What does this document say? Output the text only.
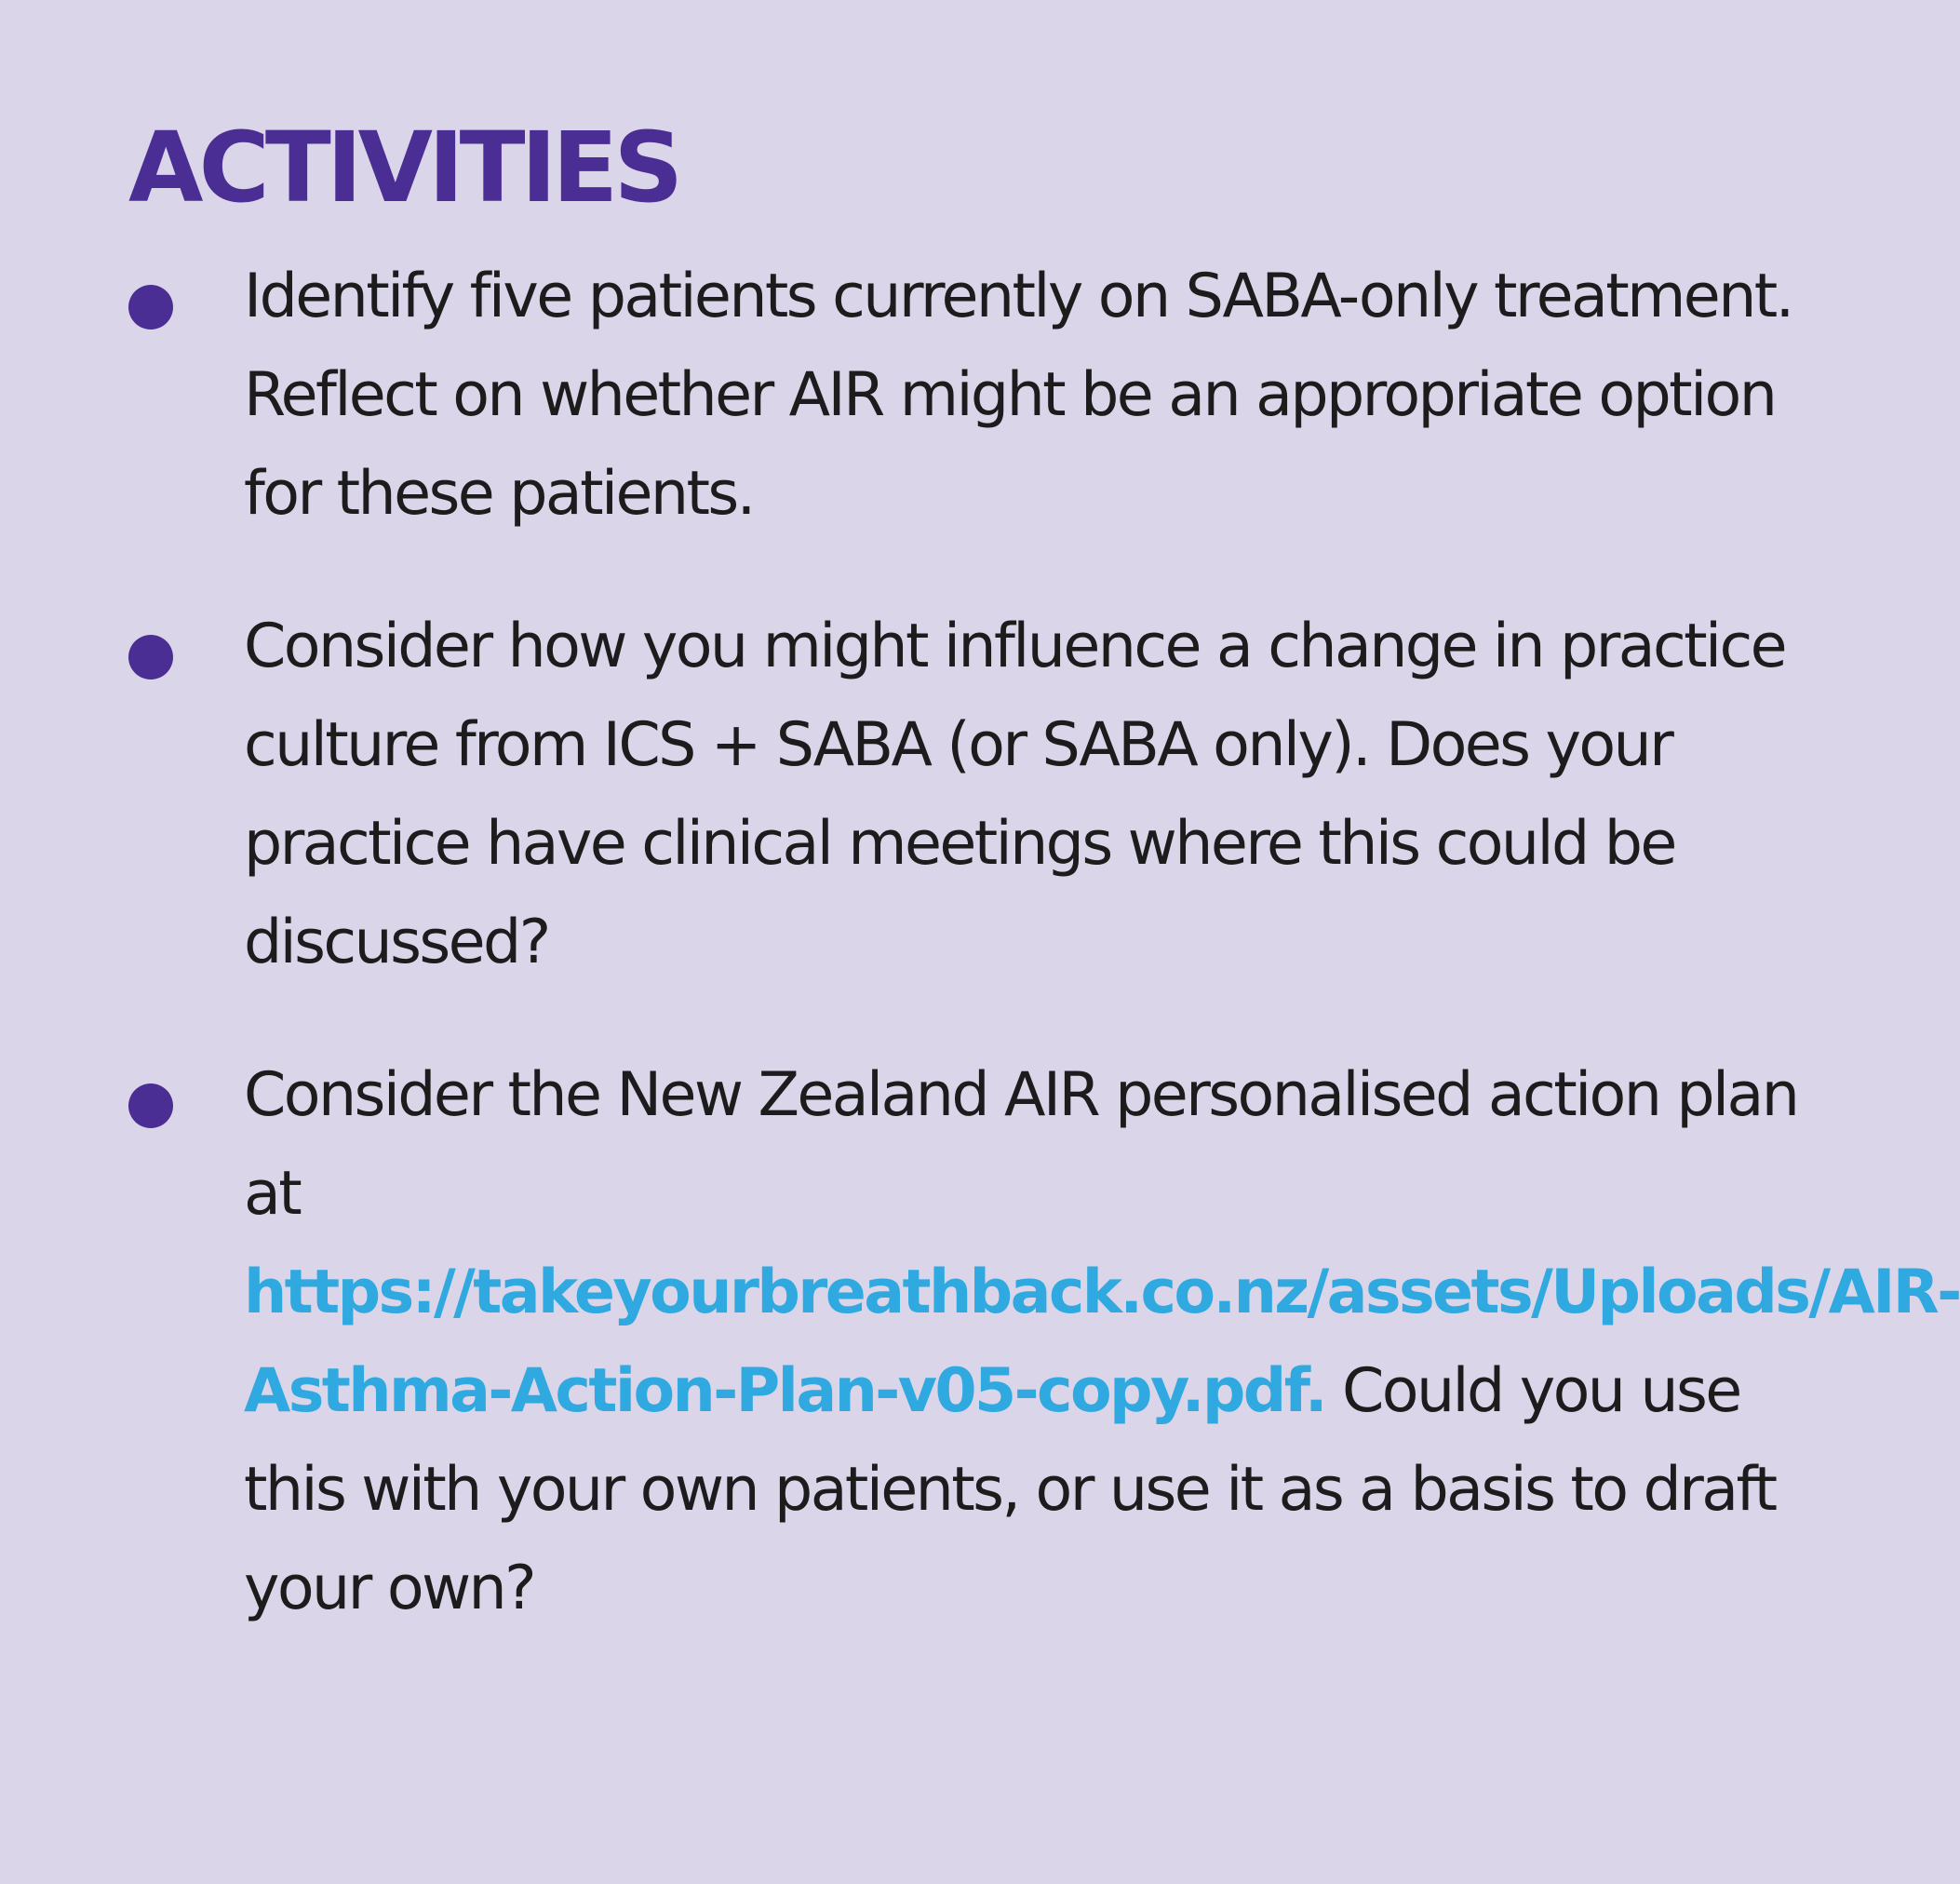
ACTIVITIES
Identify five patients currently on SABA-only treatment. Reflect on whether AIR might be an appropriate option for these patients.
Consider how you might influence a change in practice culture from ICS + SABA (or SABA only). Does your practice have clinical meetings where this could be discussed?
Consider the New Zealand AIR personalised action plan at https://takeyourbreathback.co.nz/assets/Uploads/AIR-Asthma-Action-Plan-v05-copy.pdf. Could you use this with your own patients, or use it as a basis to draft your own?
